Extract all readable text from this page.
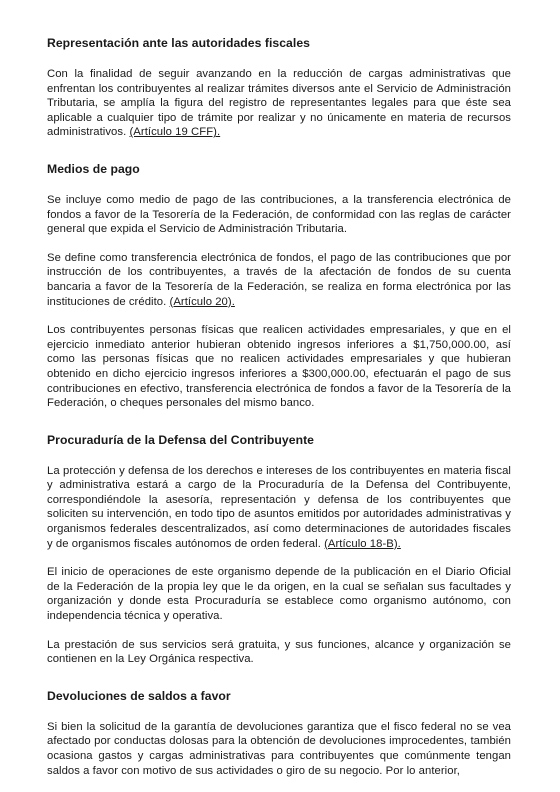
Representación ante las autoridades fiscales

Con la finalidad de seguir avanzando en la reducción de cargas administrativas que enfrentan los contribuyentes al realizar trámites diversos ante el Servicio de Administración Tributaria, se amplía la figura del registro de representantes legales para que éste sea aplicable a cualquier tipo de trámite por realizar y no únicamente en materia de recursos administrativos. (Artículo 19 CFF).

Medios de pago

Se incluye como medio de pago de las contribuciones, a la transferencia electrónica de fondos a favor de la Tesorería de la Federación, de conformidad con las reglas de carácter general que expida el Servicio de Administración Tributaria.

Se define como transferencia electrónica de fondos, el pago de las contribuciones que por instrucción de los contribuyentes, a través de la afectación de fondos de su cuenta bancaria a favor de la Tesorería de la Federación, se realiza en forma electrónica por las instituciones de crédito. (Artículo 20).

Los contribuyentes personas físicas que realicen actividades empresariales, y que en el ejercicio inmediato anterior hubieran obtenido ingresos inferiores a $1,750,000.00, así como las personas físicas que no realicen actividades empresariales y que hubieran obtenido en dicho ejercicio ingresos inferiores a $300,000.00, efectuarán el pago de sus contribuciones en efectivo, transferencia electrónica de fondos a favor de la Tesorería de la Federación, o cheques personales del mismo banco.

Procuraduría de la Defensa del Contribuyente

La protección y defensa de los derechos e intereses de los contribuyentes en materia fiscal y administrativa estará a cargo de la Procuraduría de la Defensa del Contribuyente, correspondiéndole la asesoría, representación y defensa de los contribuyentes que soliciten su intervención, en todo tipo de asuntos emitidos por autoridades administrativas y organismos federales descentralizados, así como determinaciones de autoridades fiscales y de organismos fiscales autónomos de orden federal. (Artículo 18-B).

El inicio de operaciones de este organismo depende de la publicación en el Diario Oficial de la Federación de la propia ley que le da origen, en la cual se señalan sus facultades y organización y donde esta Procuraduría se establece como organismo autónomo, con independencia técnica y operativa.

La prestación de sus servicios será gratuita, y sus funciones, alcance y organización se contienen en la Ley Orgánica respectiva.

Devoluciones de saldos a favor

Si bien la solicitud de la garantía de devoluciones garantiza que el fisco federal no se vea afectado por conductas dolosas para la obtención de devoluciones improcedentes, también ocasiona gastos y cargas administrativas para contribuyentes que comúnmente tengan saldos a favor con motivo de sus actividades o giro de su negocio. Por lo anterior,
